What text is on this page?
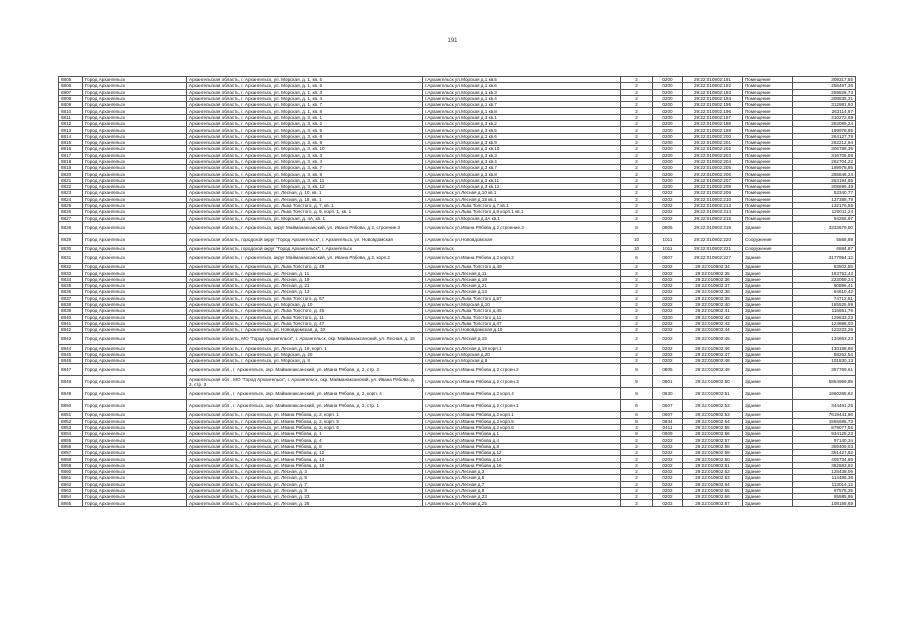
191
8805	Город Архангельск	Архангельская область, г. Архангельск, ул. Морская, д. 1, кв. 5	г.Архангельск ул.Морская д.1 кв.5	2	0200	29:22:010902:191	Помещение	309317,55
8806	Город Архангельск	Архангельская область, г. Архангельск, ул. Морская, д. 1, кв. 6	г.Архангельск ул.Морская д.1 кв.6	2	0200	29:22:010902:192	Помещение	258497,36
8807	Город Архангельск	Архангельская область, г. Архангельск, ул. Морская, д. 1, кв. 3	г.Архангельск ул.Морская д.1 кв.3	2	0200	29:22:010902:193	Помещение	259828,73
8808	Город Архангельск	Архангельская область, г. Архангельск, ул. Морская, д. 1, кв. 4	г.Архангельск ул.Морская д.1 кв.4	2	0200	29:22:010902:194	Помещение	308835,31
8809	Город Архангельск	Архангельская область, г. Архангельск, ул. Морская, д. 1, кв. 7	г.Архангельск ул.Морская д.1 кв.7	2	0200	29:22:010902:195	Помещение	312981,93
8810	Город Архангельск	Архангельская область, г. Архангельск, ул. Морская, д. 1, кв. 8	г.Архангельск ул.Морская д.1 кв.8	2	0200	29:22:010902:196	Помещение	263114,67
8811	Город Архангельск	Архангельская область, г. Архангельск, ул. Морская, д. 3, кв. 1	г.Архангельск ул.Морская д.3 кв.1	2	0200	29:22:010902:197	Помещение	210272,69
8812	Город Архангельск	Архангельская область, г. Архангельск, ул. Морская, д. 3, кв. 2	г.Архангельск ул.Морская д.3 кв.2	2	0200	29:22:010902:198	Помещение	263085,24
8813	Город Архангельск	Архангельская область, г. Архангельск, ул. Морская, д. 3, кв. 5	г.Архангельск ул.Морская д.3 кв.5	2	0200	29:22:010902:199	Помещение	199978,85
8814	Город Архангельск	Архангельская область, г. Архангельск, ул. Морская, д. 3, кв. 6	г.Архангельск ул.Морская д.3 кв.6	2	0200	29:22:010902:200	Помещение	264127,78
8815	Город Архангельск	Архангельская область, г. Архангельск, ул. Морская, д. 3, кв. 9	г.Архангельск ул.Морская д.3 кв.9	2	0200	29:22:010902:201	Помещение	262212,94
8816	Город Архангельск	Архангельская область, г. Архангельск, ул. Морская, д. 3, кв. 10	г.Архангельск ул.Морская д.3 кв.10	2	0200	29:22:010902:202	Помещение	306788,35
8817	Город Архангельск	Архангельская область, г. Архангельск, ул. Морская, д. 3, кв. 3	г.Архангельск ул.Морская д.3 кв.3	2	0200	29:22:010902:203	Помещение	316705,88
8818	Город Архангельск	Архангельская область, г. Архангельск, ул. Морская, д. 3, кв. 4	г.Архангельск ул.Морская д.3 кв.4	2	0200	29:22:010902:204	Помещение	262704,22
8819	Город Архангельск	Архангельская область, г. Архангельск, ул. Морская, д. 3, кв. 7	г.Архангельск ул.Морская д.3 кв.7	2	0200	29:22:010902:205	Помещение	199978,85
8820	Город Архангельск	Архангельская область, г. Архангельск, ул. Морская, д. 3, кв. 8	г.Архангельск ул.Морская д.3 кв.8	2	0200	29:22:010902:206	Помещение	265646,24
8821	Город Архангельск	Архангельская область, г. Архангельск, ул. Морская, д. 3, кв. 11	г.Архангельск ул.Морская д.3 кв.11	2	0200	29:22:010902:207	Помещение	263194,85
8822	Город Архангельск	Архангельская область, г. Архангельск, ул. Морская, д. 3, кв. 12	г.Архангельск ул.Морская д.3 кв.12	2	0200	29:22:010902:208	Помещение	308696,49
8823	Город Архангельск	Архангельская область, г. Архангельск, ул. Лесная, д. 10, кв. 1	г.Архангельск ул.Лесная д.10 кв.1	2	0202	29:22:010902:209	Помещение	53340,77
8824	Город Архангельск	Архангельская область, г. Архангельск, ул. Лесная, д. 18, кв. 1	г.Архангельск ул.Лесная д.18 кв.1	2	0202	29:22:010902:210	Помещение	137385,79
8825	Город Архангельск	Архангельская область, г. Архангельск, ул. Льва Толстого, д. 7, кв. 1	г.Архангельск ул.Льва Толстого д.7 кв.1	2	0202	29:22:010902:213	Помещение	132176,55
8826	Город Архангельск	Архангельская область, г. Архангельск, ул. Льва Толстого, д. 9, корп. 1, кв. 1	г.Архангельск ул.Льва Толстого д.9 корп.1 кв.1	2	0202	29:22:010902:214	Помещение	120011,24
8827	Город Архангельск	Архангельская область, г. Архангельск, ул. Морская, д. 4А, кв. 1	г.Архангельск ул.Морская д.4А кв.1	2	0202	29:22:010902:215	Помещение	94256,97
8828	Город Архангельск	Архангельская область, г. Архангельск, округ Майманаксанский, ул. Ивана Рябова, д.2, строение.3	г.Архангельск ул.Ивана Рябова д.2 строение.3	8	0805	29:22:010902:219	Здание	3333679,80
8829	Город Архангельск	Архангельская область, городской округ "Город Архангельск", г. Архангельск, ул. Нововдомская	г.Архангельск ул.Нововдомская	10	1011	29:22:010902:220	Сооружение	5568,89
8830	Город Архангельск	Архангельская область, городской округ "Город Архангельск", г. Архангельск	г.Архангельск	10	1011	29:22:010902:221	Сооружение	6884,87
8831	Город Архангельск	Архангельская область, г. Архангельск, округ Майманаксанский, ул. Ивана Рябова, д.2, корп.2	г.Архангельск ул.Ивана Рябова д.2 корп.2	6	0607	29:22:010902:227	Здание	3177954,12
8832	Город Архангельск	Архангельская область, г. Архангельск, ул. Льва Толстого, д. 49	г.Архангельск ул.Льва Толстого д.49	2	0202	29:22:010902:34	Здание	83502,55
8833	Город Архангельск	Архангельская область, г. Архангельск, ул. Лесная, д. 11	г.Архангельск ул.Лесная д.11	2	0202	29:22:010902:35	Здание	163753,43
8834	Город Архангельск	Архангельская область, г. Архангельск, ул. Лесная, д. 19	г.Архангельск ул.Лесная д.19	2	0202	29:22:010902:36	Здание	223059,24
8835	Город Архангельск	Архангельская область, г. Архангельск, ул. Лесная, д. 21	г.Архангельск ул.Лесная д.21	2	0202	29:22:010902:37	Здание	90896,41
8836	Город Архангельск	Архангельская область, г. Архангельск, ул. Лесная, д. 13	г.Архангельск ул.Лесная д.13	2	0202	29:22:010902:38	Здание	84610,42
8837	Город Архангельск	Архангельская область, г. Архангельск, ул. Льва Толстого, д. 57	г.Архангельск ул.Льва Толстого д.57	2	0202	29:22:010902:39	Здание	74712,81
8838	Город Архангельск	Архангельская область, г. Архангельск, ул. Морская, д. 10	г.Архангельск ул.Морская д.10	2	0202	29:22:010902:40	Здание	185525,59
8839	Город Архангельск	Архангельская область, г. Архангельск, ул. Льва Толстого, д. 45	г.Архангельск ул.Льва Толстого д.45	2	0202	29:22:010902:41	Здание	116651,76
8840	Город Архангельск	Архангельская область, г. Архангельск, ул. Льва Толстого, д. 11	г.Архангельск ул.Льва Толстого д.11	2	0200	29:22:010902:42	Здание	129633,23
8841	Город Архангельск	Архангельская область, г. Архангельск, ул. Льва Толстого, д. 47	г.Архангельск ул.Льва Толстого д.47	2	0202	29:22:010902:43	Здание	124888,03
8842	Город Архангельск	Архангельская область, г. Архангельск, ул. Нововдомская, д. 10	г.Архангельск ул.Нововдомская д.10	2	0202	29:22:010902:44	Здание	123223,26
8843	Город Архангельск	Архангельская область, МО "Город Архангельск", г. Архангельск, окр. Майманаксанский, ул. Лесная, д. 15	г.Архангельск ул.Лесная д.15	2	0202	29:22:010902:45	Здание	134663,23
8844	Город Архангельск	Архангельская область, г. Архангельск, ул. Лесная, д. 19, корп. 1	г.Архангельск ул.Лесная д.19 корп.1	2	0202	29:22:010902:46	Здание	130188,98
8845	Город Архангельск	Архангельская область, г. Архангельск, ул. Морская, д. 20	г.Архангельск ул.Морская д.20	2	0202	29:22:010902:47	Здание	88262,54
8846	Город Архангельск	Архангельская область, г. Архангельск, ул. Морская, д. 8	г.Архангельск ул.Морская д.8	2	0202	29:22:010902:48	Здание	101830,13
8847	Город Архангельск	Архангельская обл., г. Архангельск, окр. Майманаксанский, ул. Ивана Рябова, д. 2, стр. 2	г.Архангельск ул.Ивана Рябова д.2 строен.2	8	0805	29:22:010902:49	Здание	357769,61
8848	Город Архангельск	Архангельская обл., МО "Город Архангельск", г. Архангельск, окр. Майманаксанский, ул. Ивана Рябова, д. 2, стр. 3	г.Архангельск ул.Ивана Рябова д.2 строен.3	9	0901	29:22:010902:50	Здание	5854969,85
8849	Город Архангельск	Архангельская обл., г. Архангельск, окр. Майманаксанский, ул. Ивана Рябова, д. 2, корп. 4	г.Архангельск ул.Ивана Рябова д.2 корп.4	8	0830	29:22:010902:51	Здание	1960265,62
8850	Город Архангельск	Архангельская обл., г. Архангельск, окр. Майманаксанский, ул. Ивана Рябова, д. 2, стр. 1	г.Архангельск ул.Ивана Рябова д.2 строен.1	6	0607	29:22:010902:52	Здание	344491,25
8851	Город Архангельск	Архангельская область, г. Архангельск, ул. Ивана Рябова, д. 2, корп. 1	г.Архангельск ул.Ивана Рябова д.2 корп.1	6	0607	29:22:010902:53	Здание	7619441,86
8852	Город Архангельск	Архангельская область, г. Архангельск, ул. Ивана Рябова, д. 2, корп. 5	г.Архангельск ул.Ивана Рябова д.2 корп.5	8	0834	29:22:010902:54	Здание	1565685,73
8853	Город Архангельск	Архангельская область, г. Архангельск, ул. Ивана Рябова, д. 2, корп. 6	г.Архангельск ул.Ивана Рябова д.2 корп.6	4	0411	29:22:010902:55	Здание	879077,55
8854	Город Архангельск	Архангельская область, г. Архангельск, ул. Ивана Рябова, д. 1	г.Архангельск ул.Ивана Рябова д.1	8	0809	29:22:010902:56	Здание	934125,23
8855	Город Архангельск	Архангельская область, г. Архангельск, ул. Ивана Рябова, д. 4	г.Архангельск ул.Ивана Рябова д.4	2	0202	29:22:010902:57	Здание	97140,34
8856	Город Архангельск	Архангельская область, г. Архангельск, ул. Ивана Рябова, д. 8	г.Архангельск ул.Ивана Рябова д.8	2	0202	29:22:010902:58	Здание	359409,03
8857	Город Архангельск	Архангельская область, г. Архангельск, ул. Ивана Рябова, д. 12	г.Архангельск ул.Ивана Рябова д.12	2	0202	29:22:010902:59	Здание	391427,92
8858	Город Архангельск	Архангельская область, г. Архангельск, ул. Ивана Рябова, д. 14	г.Архангельск ул.Ивана Рябова д.14	2	0202	29:22:010902:60	Здание	405734,85
8859	Город Архангельск	Архангельская область, г. Архангельск, ул. Ивана Рябова, д. 16	г.Архангельск ул.Ивана Рябова д.16	2	0202	29:22:010902:61	Здание	382593,92
8860	Город Архангельск	Архангельская область, г. Архангельск, ул. Лесная, д. 3	г.Архангельск ул.Лесная д.3	2	0202	29:22:010902:62	Здание	128438,06
8861	Город Архангельск	Архангельская область, г. Архангельск, ул. Лесная, д. 5	г.Архангельск ул.Лесная д.5	2	0202	29:22:010902:63	Здание	114486,36
8862	Город Архангельск	Архангельская область, г. Архангельск, ул. Лесная, д. 7	г.Архангельск ул.Лесная д.7	2	0202	29:22:010902:64	Здание	113014,12
8863	Город Архангельск	Архангельская область, г. Архангельск, ул. Лесная, д. 9	г.Архангельск ул.Лесная д.9	2	0202	29:22:010902:65	Здание	97578,35
8864	Город Архангельск	Архангельская область, г. Архангельск, ул. Лесная, д. 23	г.Архангельск ул.Лесная д.23	2	0202	29:22:010902:66	Здание	85585,95
8865	Город Архангельск	Архангельская область, г. Архангельск, ул. Лесная, д. 25	г.Архангельск ул.Лесная д.25	2	0202	29:22:010902:67	Здание	108158,69
